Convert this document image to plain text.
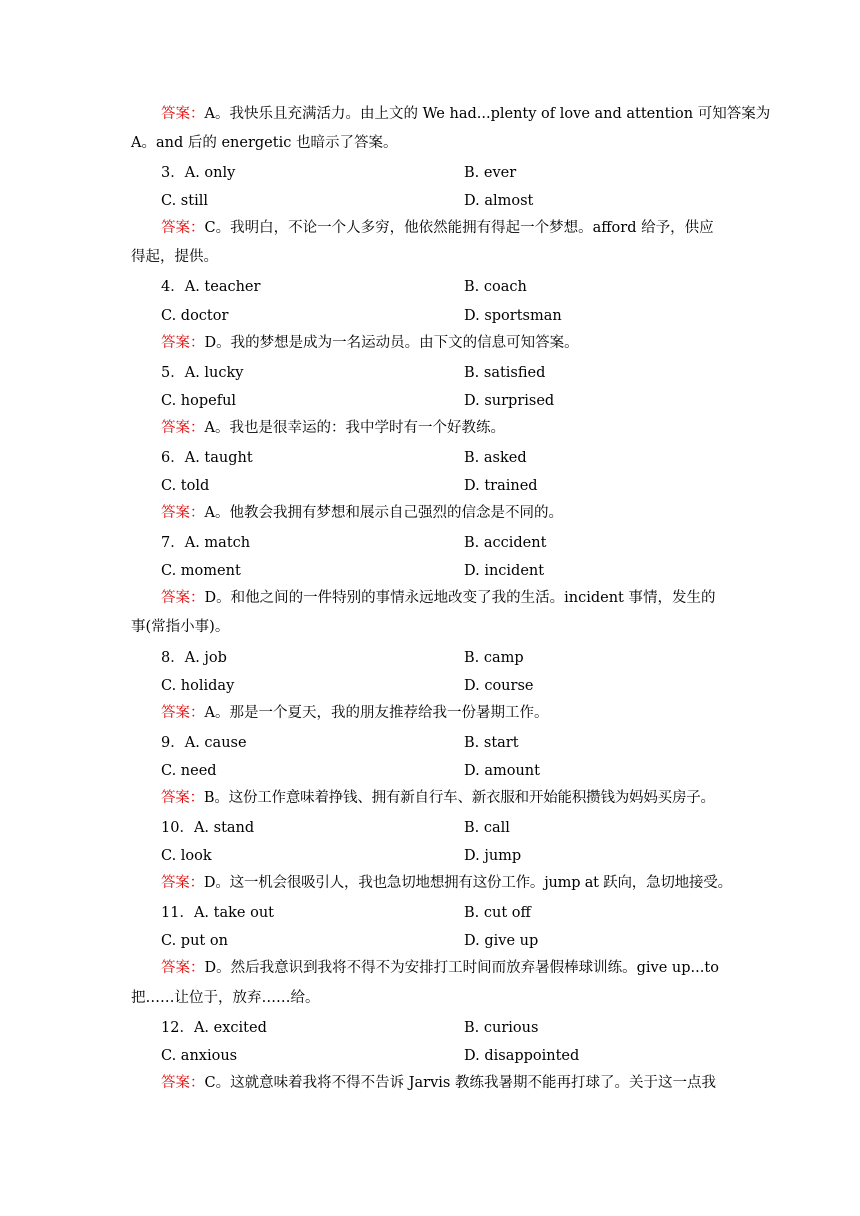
答案：A。我快乐且充满活力。由上文的 We had...plenty of love and attention 可知答案为
A。and 后的 energetic 也暗示了答案。
3．A. only	B. ever
C. still	D. almost
答案：C。我明白，不论一个人多穷，他依然能拥有得起一个梦想。afford 给予，供应
得起，提供。
4．A. teacher	B. coach
C. doctor	D. sportsman
答案：D。我的梦想是成为一名运动员。由下文的信息可知答案。
5．A. lucky	B. satisfied
C. hopeful	D. surprised
答案：A。我也是很幸运的：我中学时有一个好教练。
6．A. taught	B. asked
C. told	D. trained
答案：A。他教会我拥有梦想和展示自己强烈的信念是不同的。
7．A. match	B. accident
C. moment	D. incident
答案：D。和他之间的一件特别的事情永远地改变了我的生活。incident 事情，发生的
事(常指小事)。
8．A. job	B. camp
C. holiday	D. course
答案：A。那是一个夏天，我的朋友推荐给我一份暑期工作。
9．A. cause	B. start
C. need	D. amount
答案：B。这份工作意味着挣钱、拥有新自行车、新衣服和开始能积攒钱为妈妈买房子。
10．A. stand	B. call
C. look	D. jump
答案：D。这一机会很吸引人，我也急切地想拥有这份工作。jump at 跃向，急切地接受。
11．A. take out	B. cut off
C. put on	D. give up
答案：D。然后我意识到我将不得不为安排打工时间而放弃暑假棒球训练。give up...to
把……让位于，放弃……给。
12．A. excited	B. curious
C. anxious	D. disappointed
答案：C。这就意味着我将不得不告诉 Jarvis 教练我暑期不能再打球了。关于这一点我
